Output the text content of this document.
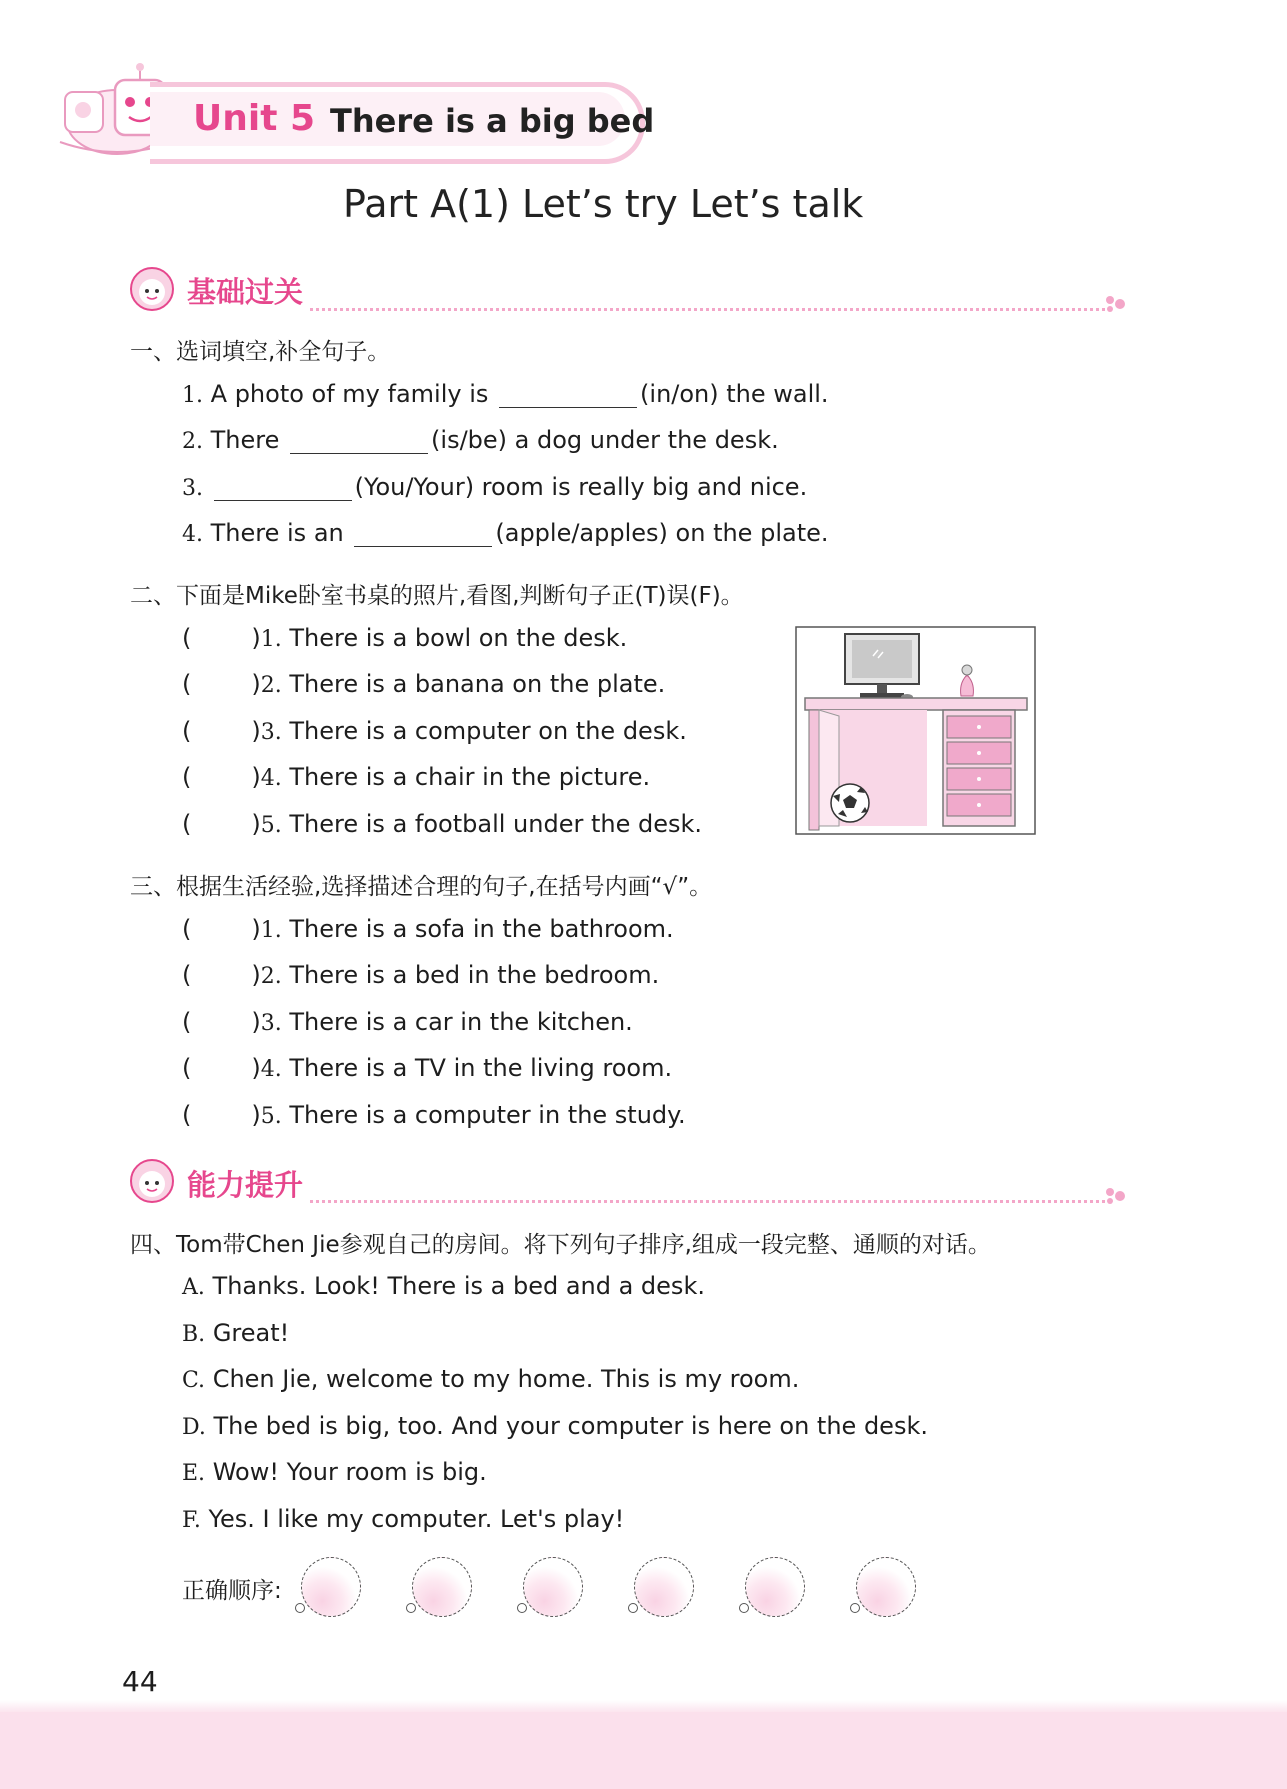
Unit 5 There is a big bed
Part A(1) Let’s try Let’s talk
基础过关
一、选词填空,补全句子。
1. A photo of my family is	(in/on) the wall.
2. There	(is/be) a dog under the desk.
3.	(You/Your) room is really big and nice.
4. There is an	(apple/apples) on the plate.
二、下面是Mike卧室书桌的照片,看图,判断句子正(T)误(F)。
(	)1. There is a bowl on the desk.
(	)2. There is a banana on the plate.
(	)3. There is a computer on the desk.
(	)4. There is a chair in the picture.
(	)5. There is a football under the desk.
三、根据生活经验,选择描述合理的句子,在括号内画“√”。
(	)1. There is a sofa in the bathroom.
(	)2. There is a bed in the bedroom.
(	)3. There is a car in the kitchen.
(	)4. There is a TV in the living room.
(	)5. There is a computer in the study.
能力提升
四、Tom带Chen Jie参观自己的房间。将下列句子排序,组成一段完整、通顺的对话。
A. Thanks. Look! There is a bed and a desk.
B. Great!
C. Chen Jie, welcome to my home. This is my room.
D. The bed is big, too. And your computer is here on the desk.
E. Wow! Your room is big.
F. Yes. I like my computer. Let's play!
正确顺序:
44
